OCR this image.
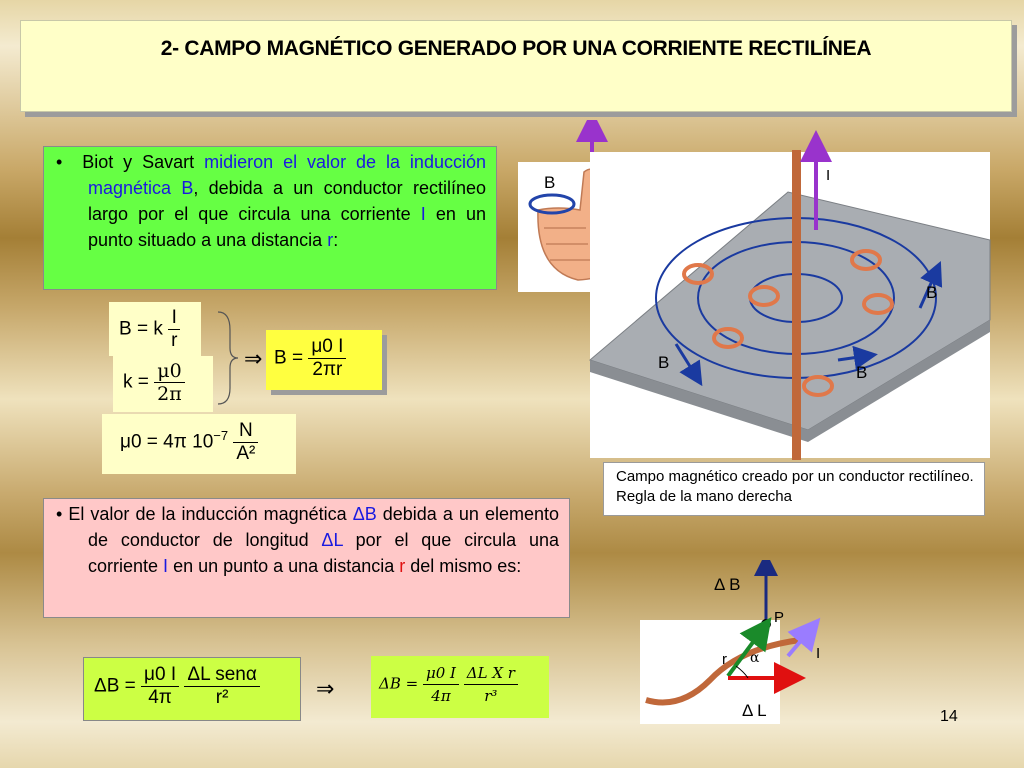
2- CAMPO MAGNÉTICO GENERADO POR UNA CORRIENTE RECTILÍNEA
• Biot y Savart midieron el valor de la inducción magnética B, debida a un conductor rectilíneo largo por el que circula una corriente I en un punto situado a una distancia r:
B = k $\frac{I}{r}$
$k = \frac{\mu 0}{2\pi}$
⇒ $B = \frac{\mu 0 I}{2\pi r}$
μ0 = 4π $10^{-7} \frac{N}{\text{A²}}$
• El valor de la inducción magnética ΔB debida a un elemento de conductor de longitud ΔL por el que circula una corriente I en un punto a una distancia r del mismo es:
$\Delta B = \frac{\mu 0 I}{4\pi}$
$\frac{\text{ΔL senα}}{\text{r²}}$	⇒	$\Delta B = \frac{\mu 0 I}{4\pi}$
$\frac{\text{ΔL X r}}{\text{r³}}$
B	I
B
B
B
Campo magnético creado por un conductor rectilíneo. Regla de la mano derecha
Δ B
P
r α	I
Δ L	14
